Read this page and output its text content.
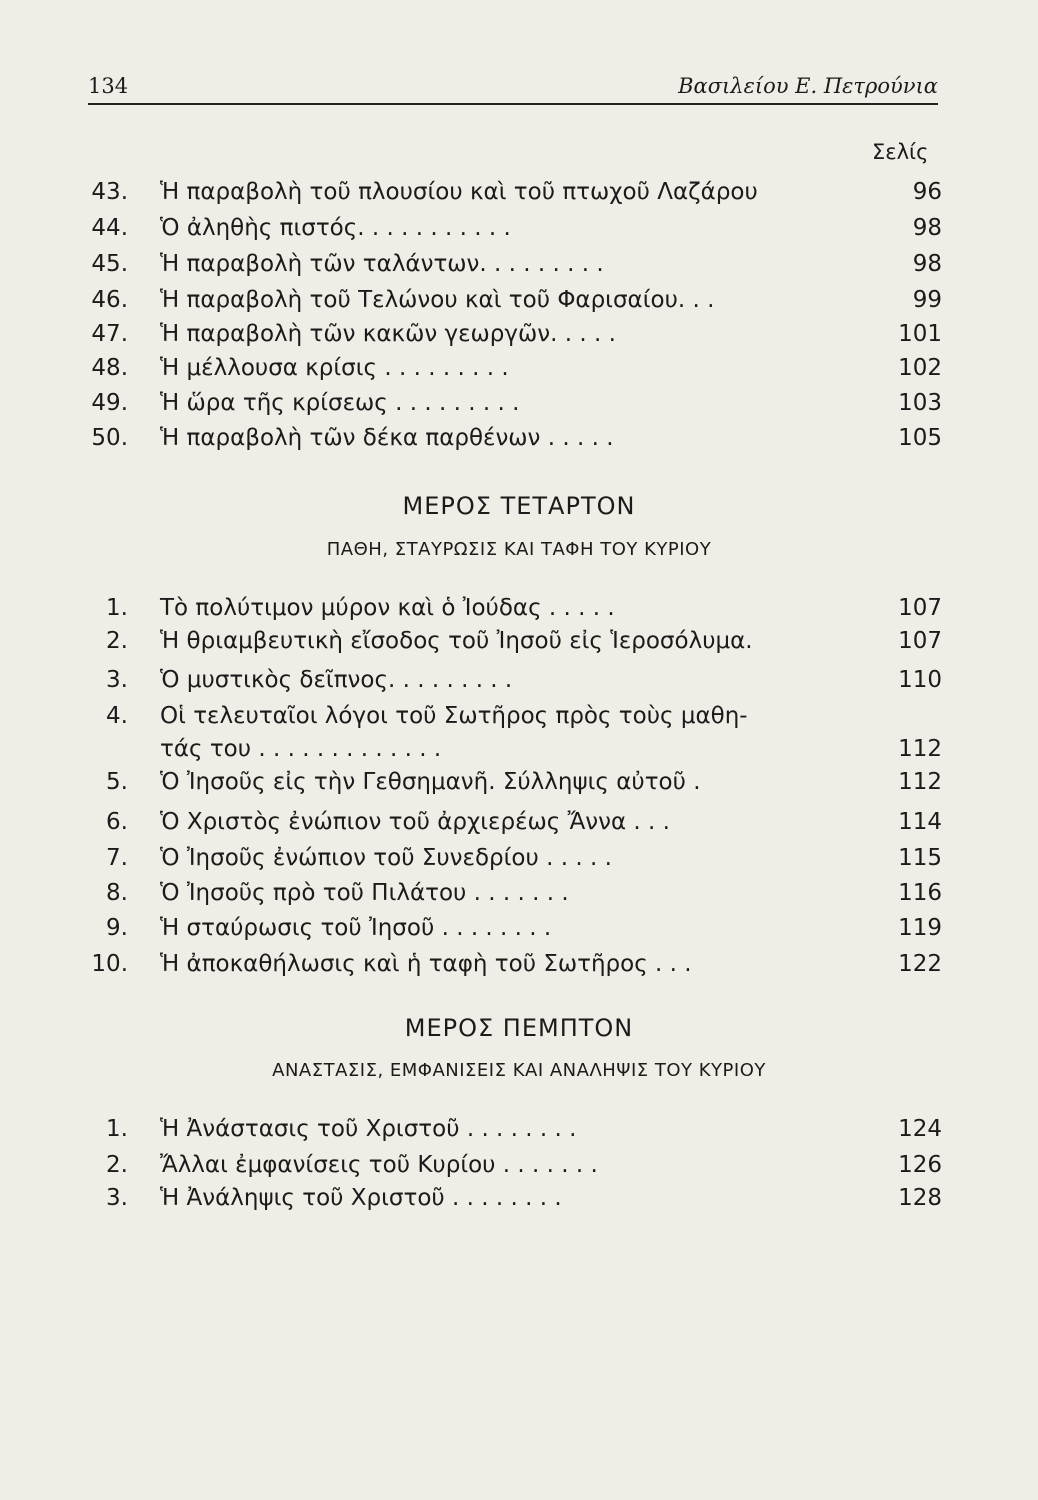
134	Βασιλείου Ε. Πετρούνια
Σελίς
43. Ἡ παραβολὴ τοῦ πλουσίου καὶ τοῦ πτωχοῦ Λαζάρου	96
44. Ὁ ἀληθὴς πιστός. . . . . . . . . . .	98
45. Ἡ παραβολὴ τῶν ταλάντων. . . . . . . . .	98
46. Ἡ παραβολὴ τοῦ Τελώνου καὶ τοῦ Φαρισαίου. . .	99
47. Ἡ παραβολὴ τῶν κακῶν γεωργῶν. . . . .	101
48. Ἡ μέλλουσα κρίσις . . . . . . . . .	102
49. Ἡ ὥρα τῆς κρίσεως . . . . . . . . .	103
50. Ἡ παραβολὴ τῶν δέκα παρθένων . . . . .	105
ΜΕΡΟΣ ΤΕΤΑΡΤΟΝ
ΠΑΘΗ, ΣΤΑΥΡΩΣΙΣ ΚΑΙ ΤΑΦΗ ΤΟΥ ΚΥΡΙΟΥ
1. Τὸ πολύτιμον μύρον καὶ ὁ Ἰούδας . . . . .	107
2. Ἡ θριαμβευτικὴ εἴσοδος τοῦ Ἰησοῦ εἰς Ἱεροσόλυμα.	107
3. Ὁ μυστικὸς δεῖπνος. . . . . . . . .	110
4. Οἱ τελευταῖοι λόγοι τοῦ Σωτῆρος πρὸς τοὺς μαθη-
τάς του . . . . . . . . . . . . .	112
5. Ὁ Ἰησοῦς εἰς τὴν Γεθσημανῆ. Σύλληψις αὐτοῦ .	112
6. Ὁ Χριστὸς ἐνώπιον τοῦ ἀρχιερέως Ἄννα . . .	114
7. Ὁ Ἰησοῦς ἐνώπιον τοῦ Συνεδρίου . . . . .	115
8. Ὁ Ἰησοῦς πρὸ τοῦ Πιλάτου . . . . . . .	116
9. Ἡ σταύρωσις τοῦ Ἰησοῦ . . . . . . . .	119
10. Ἡ ἀποκαθήλωσις καὶ ἡ ταφὴ τοῦ Σωτῆρος . . .	122
ΜΕΡΟΣ ΠΕΜΠΤΟΝ
ΑΝΑΣΤΑΣΙΣ, ΕΜΦΑΝΙΣΕΙΣ ΚΑΙ ΑΝΑΛΗΨΙΣ ΤΟΥ ΚΥΡΙΟΥ
1. Ἡ Ἀνάστασις τοῦ Χριστοῦ . . . . . . . .	124
2. Ἄλλαι ἐμφανίσεις τοῦ Κυρίου . . . . . . .	126
3. Ἡ Ἀνάληψις τοῦ Χριστοῦ . . . . . . . .	128
